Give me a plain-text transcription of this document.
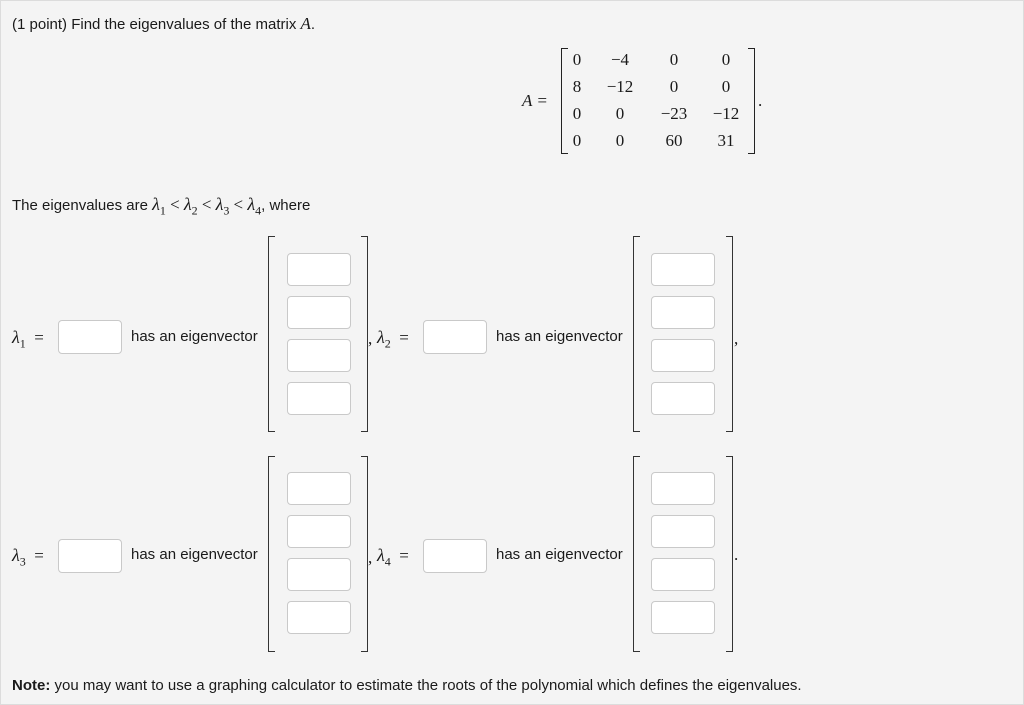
(1 point) Find the eigenvalues of the matrix A.
A =
0	−4	0	0
8	−12	0	0
0	0	−23	−12
0	0	60	31
.
The eigenvalues are $\lambda_1 < \lambda_2 < \lambda_3 < \lambda_4$, where
$\lambda_1$ =	has an eigenvector	, $\lambda_2$ =	has an eigenvector	,
$\lambda_3$ =	has an eigenvector	, $\lambda_4$ =	has an eigenvector	.
Note: you may want to use a graphing calculator to estimate the roots of the polynomial which defines the eigenvalues.
